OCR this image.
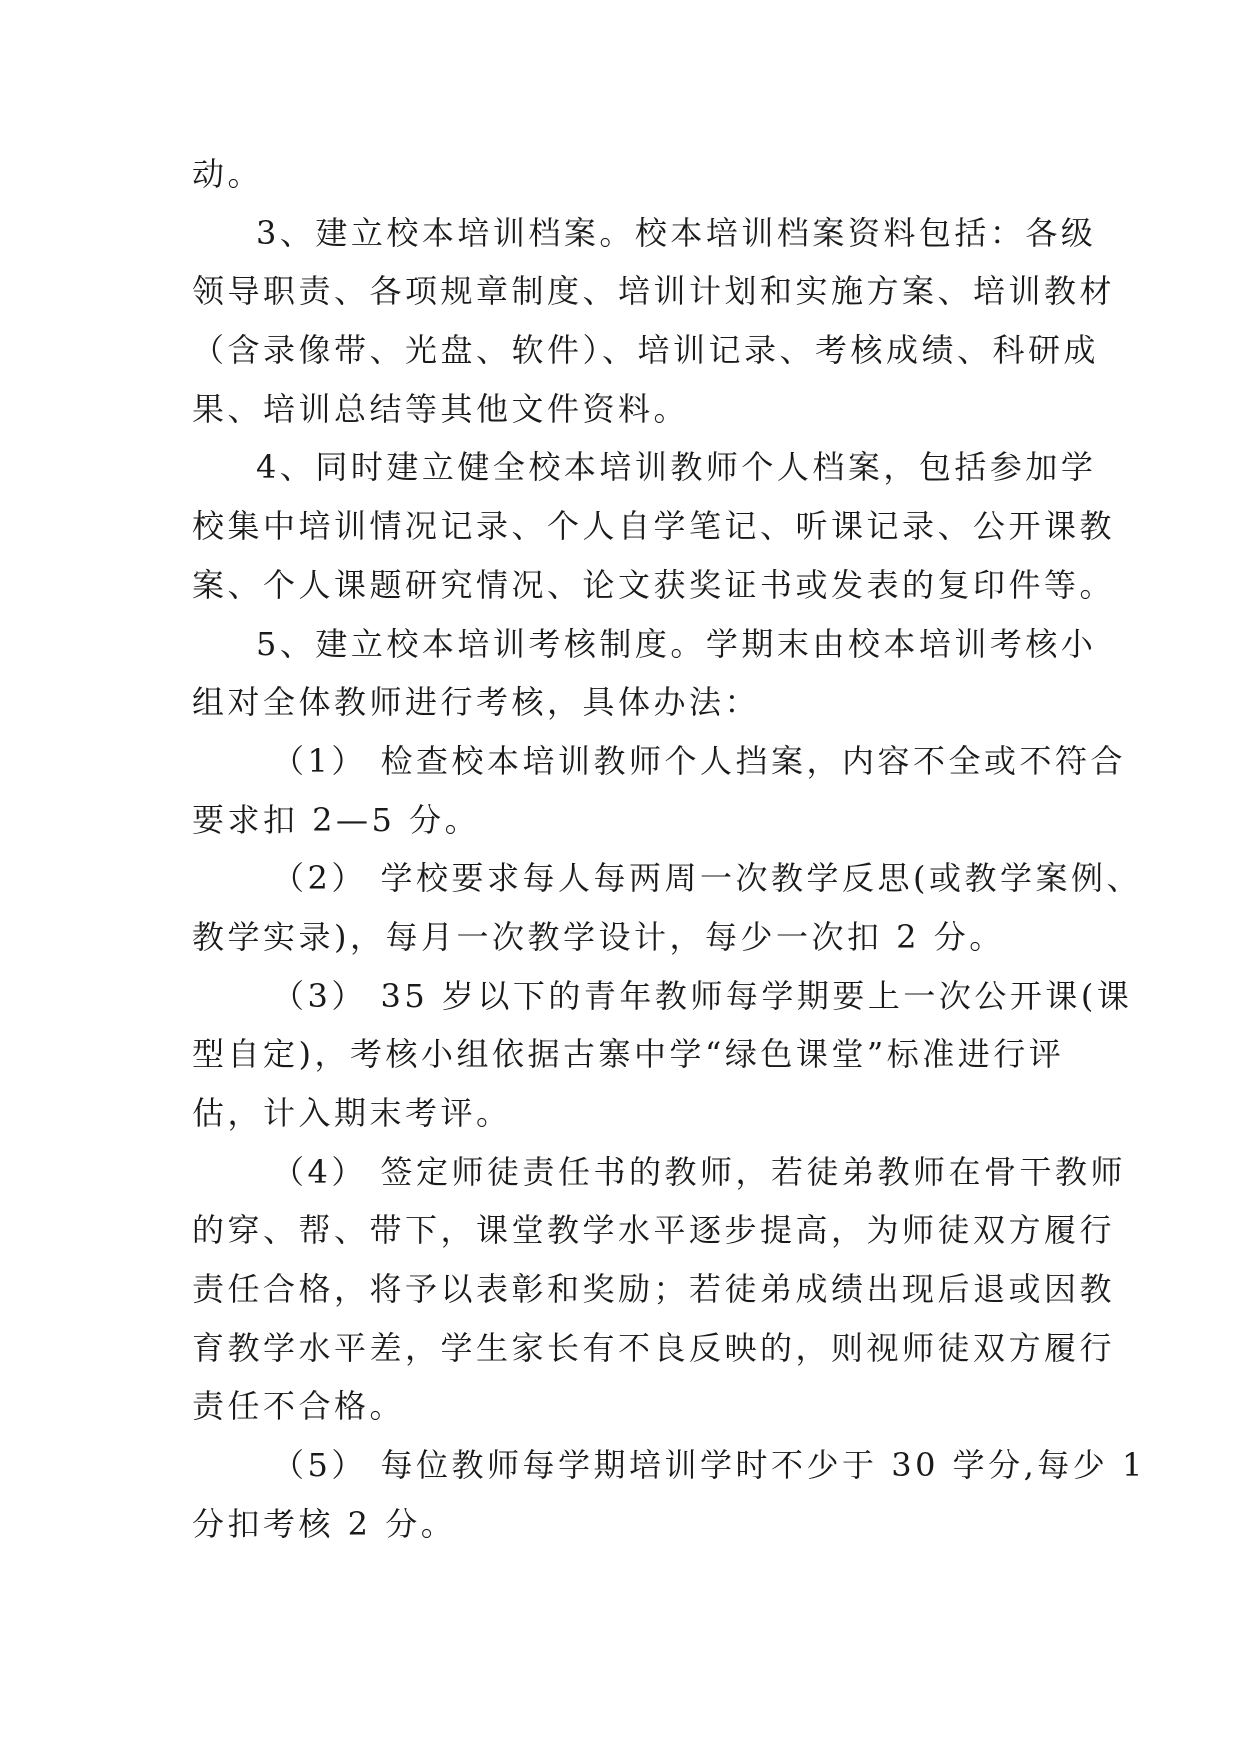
动。
3、建立校本培训档案。校本培训档案资料包括：各级
领导职责、各项规章制度、培训计划和实施方案、培训教材
（含录像带、光盘、软件）、培训记录、考核成绩、科研成
果、培训总结等其他文件资料。
4、同时建立健全校本培训教师个人档案，包括参加学
校集中培训情况记录、个人自学笔记、听课记录、公开课教
案、个人课题研究情况、论文获奖证书或发表的复印件等。
5、建立校本培训考核制度。学期末由校本培训考核小
组对全体教师进行考核，具体办法：
（1） 检查校本培训教师个人挡案，内容不全或不符合
要求扣 2—5 分。
（2） 学校要求每人每两周一次教学反思(或教学案例、
教学实录)，每月一次教学设计，每少一次扣 2 分。
（3） 35 岁以下的青年教师每学期要上一次公开课(课
型自定)，考核小组依据古寨中学“绿色课堂”标准进行评
估，计入期末考评。
（4） 签定师徒责任书的教师，若徒弟教师在骨干教师
的穿、帮、带下，课堂教学水平逐步提高，为师徒双方履行
责任合格，将予以表彰和奖励；若徒弟成绩出现后退或因教
育教学水平差，学生家长有不良反映的，则视师徒双方履行
责任不合格。
（5） 每位教师每学期培训学时不少于 30 学分,每少 1
分扣考核 2 分。
